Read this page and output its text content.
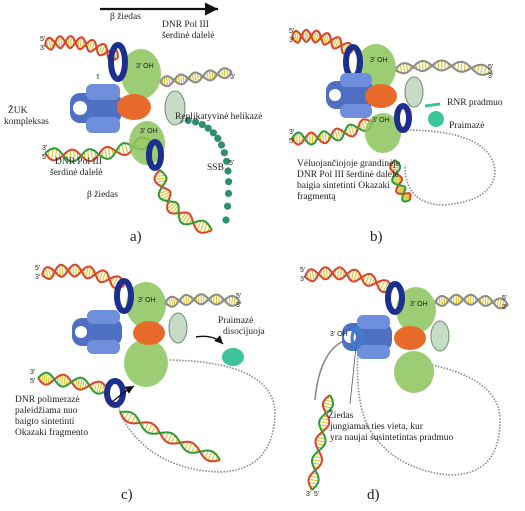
β žiedas
DNR Pol III
šerdinė dalelė
τ
ŽUK
kompleksas	Replikatyvinė helikazė
DNR Pol III
šerdinė dalelė
β žiedas
SSB
3' OH
3' OH
5'
3'
3'
3'
5'
5'
a)
RNR pradmuo
Praimazė
Vėluojančiojoje grandinėje
DNR Pol III šerdinė dalelė
baigia sintetinti Okazaki
fragmentą
3' OH
3' OH
5'
3'
5'
3'
3'
5'
b)
Praimazė
disocijuoja
DNR polimerazė
paleidžiama nuo
baigto sintetinti
Okazaki fragmento
3' OH
5'
3'
5'
3'
3'
5'
c)
Žiedas
jungiamas ties vieta, kur
yra naujai susintetintas pradmuo
3' OH
3' OH
5'
3'
5'
3'
3' 5'	d)
